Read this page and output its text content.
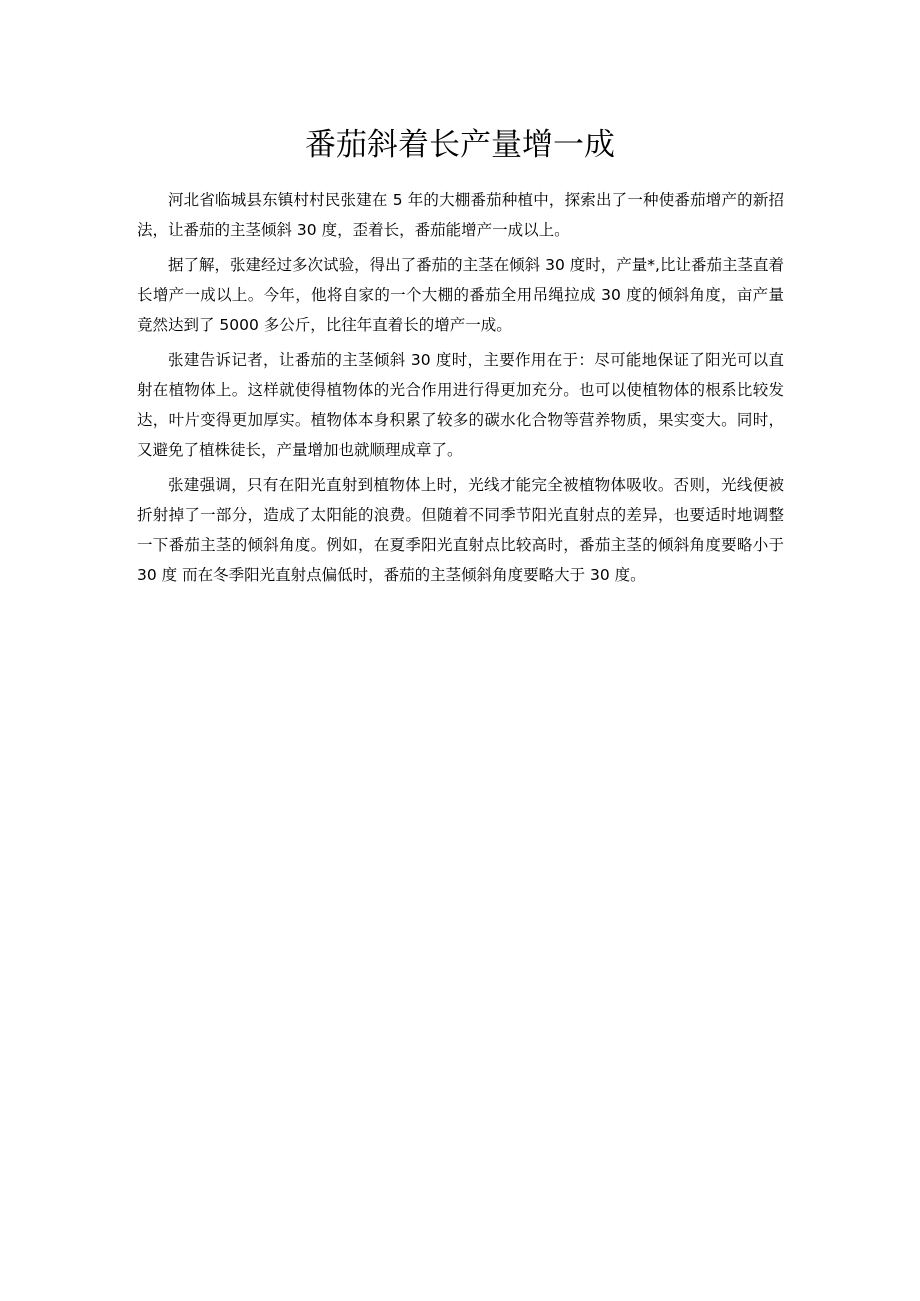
番茄斜着长产量增一成

河北省临城县东镇村村民张建在 5 年的大棚番茄种植中，探索出了一种使番茄增产的新招法，让番茄的主茎倾斜 30 度，歪着长，番茄能增产一成以上。

据了解，张建经过多次试验，得出了番茄的主茎在倾斜 30 度时，产量*,比让番茄主茎直着长增产一成以上。今年，他将自家的一个大棚的番茄全用吊绳拉成 30 度的倾斜角度，亩产量竟然达到了 5000 多公斤，比往年直着长的增产一成。

张建告诉记者，让番茄的主茎倾斜 30 度时，主要作用在于：尽可能地保证了阳光可以直射在植物体上。这样就使得植物体的光合作用进行得更加充分。也可以使植物体的根系比较发达，叶片变得更加厚实。植物体本身积累了较多的碳水化合物等营养物质，果实变大。同时，又避免了植株徒长，产量增加也就顺理成章了。

张建强调，只有在阳光直射到植物体上时，光线才能完全被植物体吸收。否则，光线便被折射掉了一部分，造成了太阳能的浪费。但随着不同季节阳光直射点的差异，也要适时地调整一下番茄主茎的倾斜角度。例如，在夏季阳光直射点比较高时，番茄主茎的倾斜角度要略小于 30 度 而在冬季阳光直射点偏低时，番茄的主茎倾斜角度要略大于 30 度。
